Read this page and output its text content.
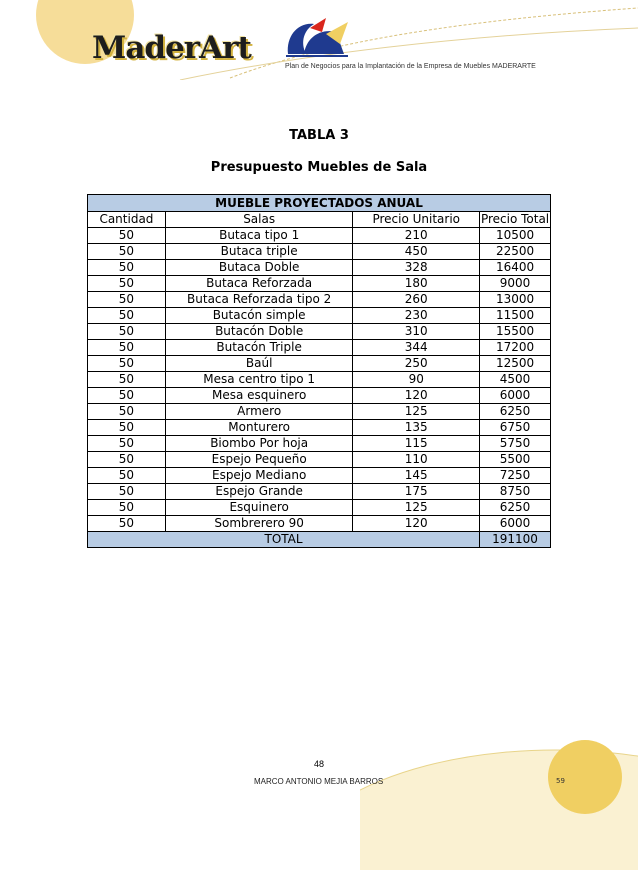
MaderArt
Plan de Negocios para la Implantación de la Empresa de Muebles MADERARTE
TABLA 3
Presupuesto Muebles de Sala
MUEBLE PROYECTADOS ANUAL			
Cantidad	Salas	Precio Unitario	Precio Total
50	Butaca tipo 1	210	10500
50	Butaca triple	450	22500
50	Butaca Doble	328	16400
50	Butaca Reforzada	180	9000
50	Butaca Reforzada tipo 2	260	13000
50	Butacón simple	230	11500
50	Butacón Doble	310	15500
50	Butacón Triple	344	17200
50	Baúl	250	12500
50	Mesa centro tipo 1	90	4500
50	Mesa esquinero	120	6000
50	Armero	125	6250
50	Monturero	135	6750
50	Biombo Por hoja	115	5750
50	Espejo Pequeño	110	5500
50	Espejo Mediano	145	7250
50	Espejo Grande	175	8750
50	Esquinero	125	6250
50	Sombrerero 90	120	6000
TOTAL			191100
48
MARCO ANTONIO MEJIA BARROS	59
